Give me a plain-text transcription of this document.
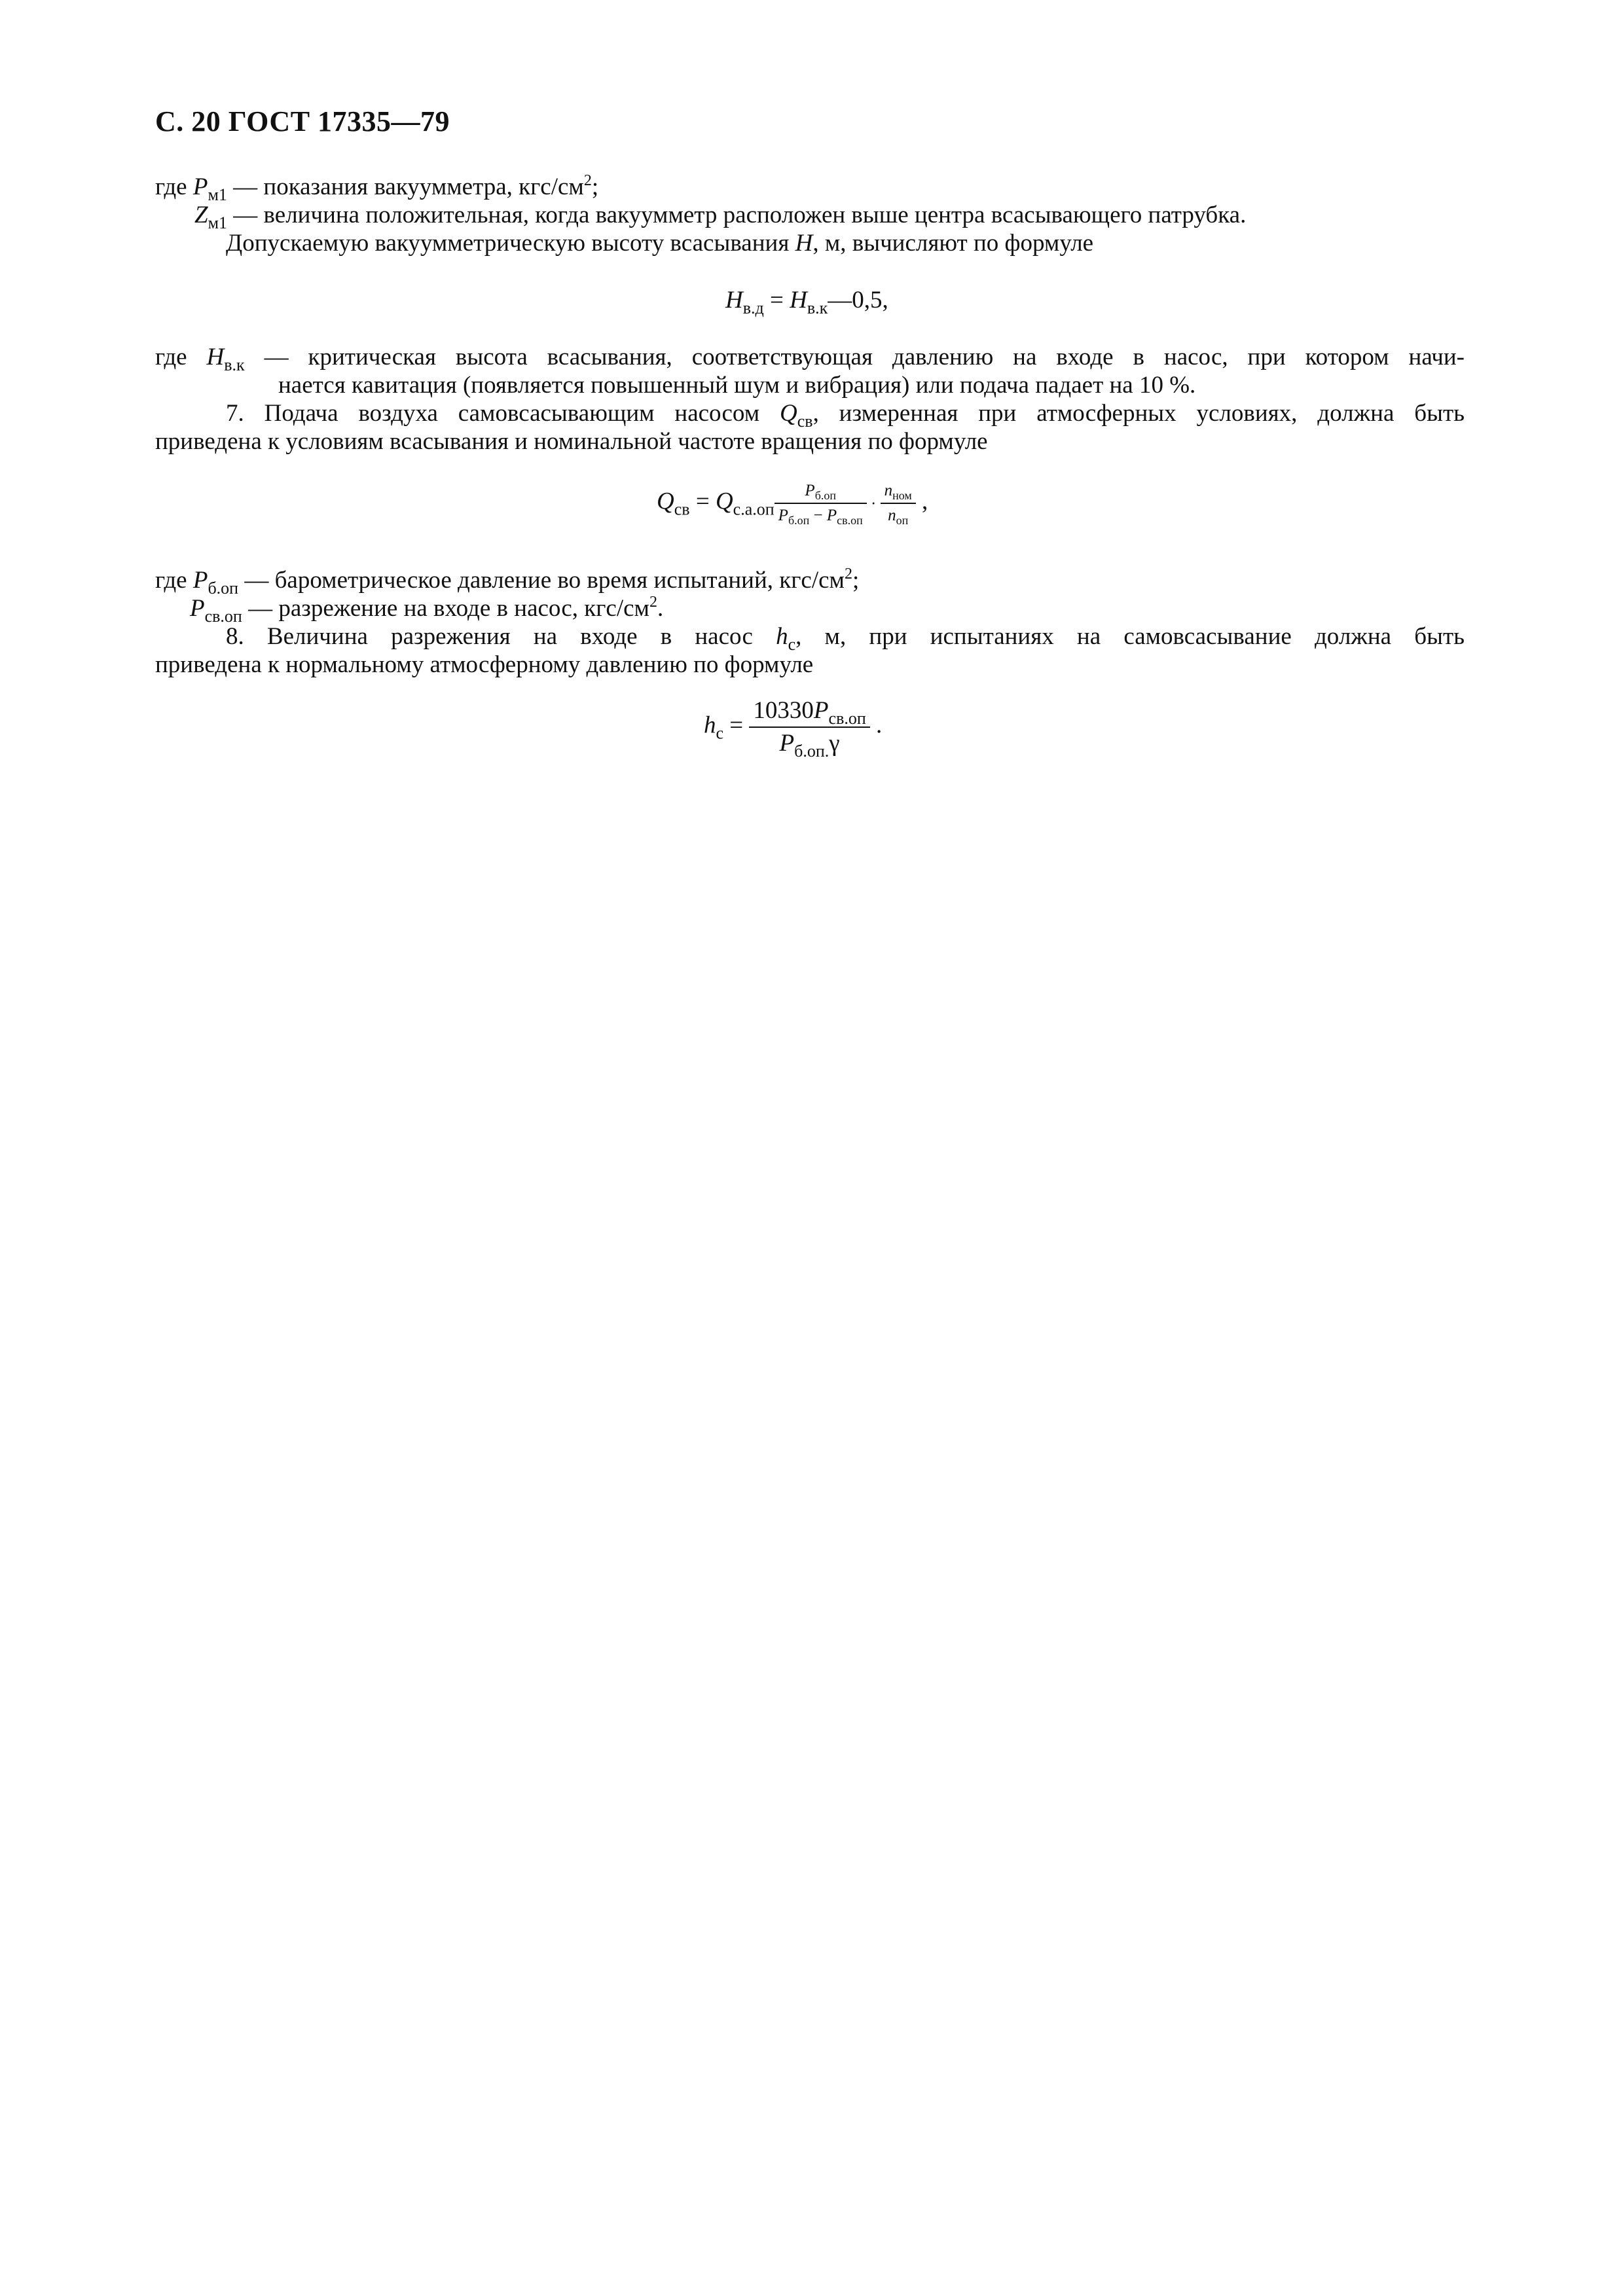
С. 20 ГОСТ 17335—79
где $P_{м1}$ — показания вакуумметра, кгс/$см^2$;
$Z_{м1}$ — величина положительная, когда вакуумметр расположен выше центра всасывающего патрубка.
Допускаемую вакуумметрическую высоту всасывания H, м, вычисляют по формуле
$H_{в.д}$ = $H_{в.к}—0,5$,
где $H_{в.к}$ — критическая высота всасывания, соответствующая давлению на входе в насос, при котором начи-
нается кавитация (появляется повышенный шум и вибрация) или подача падает на 10 %.
7. Подача воздуха самовсасывающим насосом $Q_{св}$, измеренная при атмосферных условиях, должна быть
приведена к условиям всасывания и номинальной частоте вращения по формуле
$Q_{св} = Q_{с.а.оп} \frac{P_{б.оп}}{P_{б.оп} - P_{св.оп}} \cdot \frac{n_{ном}}{n_{оп}}$ ,
где $P_{б.оп}$ — барометрическое давление во время испытаний, кгс/$см^2$;
$P_{св.оп}$ — разрежение на входе в насос, кгс/$см^2$.
8. Величина разрежения на входе в насос $h_с$, м, при испытаниях на самовсасывание должна быть
приведена к нормальному атмосферному давлению по формуле
$h_с = \frac{10330P_{св.оп}}{P_{б.оп.}\gamma}$ .
